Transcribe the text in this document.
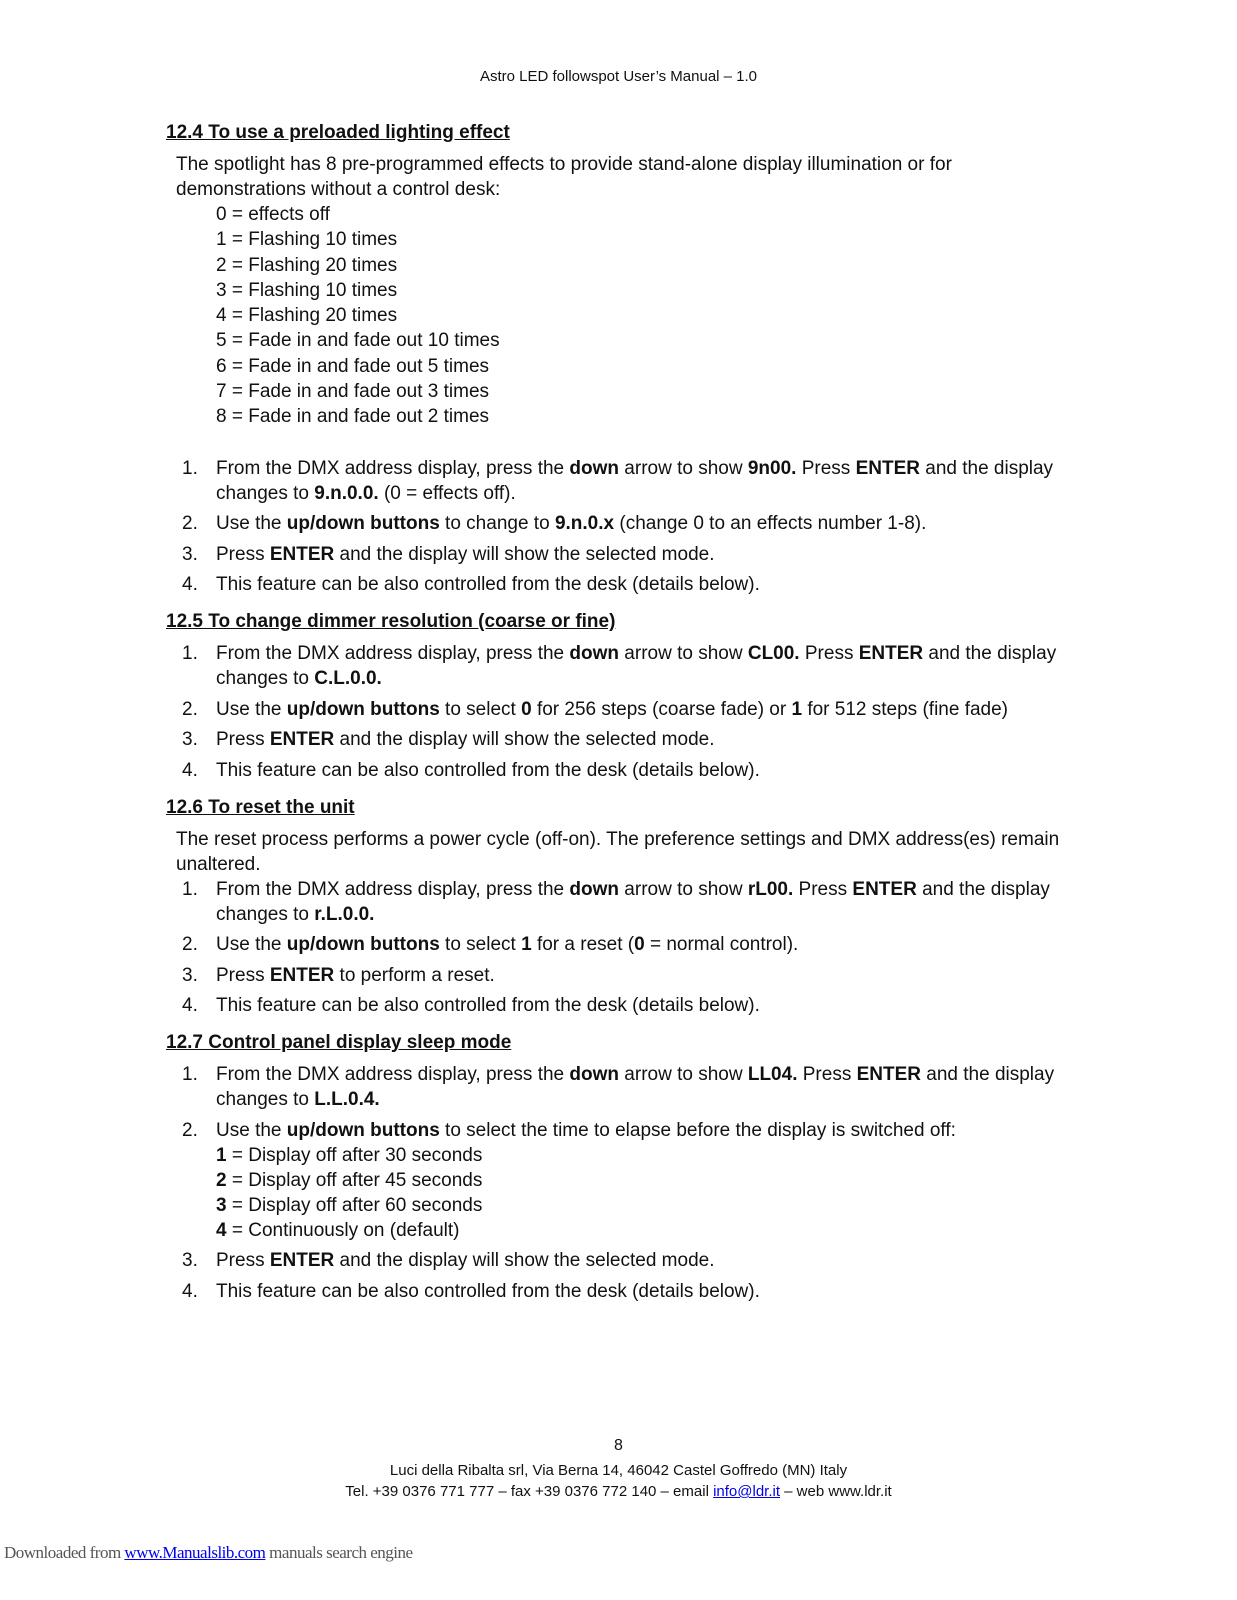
Astro LED followspot User’s Manual – 1.0
12.4 To use a preloaded lighting effect

The spotlight has 8 pre-programmed effects to provide stand-alone display illumination or for demonstrations without a control desk:

0 = effects off
1 = Flashing 10 times
2 = Flashing 20 times
3 = Flashing 10 times
4 = Flashing 20 times
5 = Fade in and fade out 10 times
6 = Fade in and fade out 5 times
7 = Fade in and fade out 3 times
8 = Fade in and fade out 2 times
1. From the DMX address display, press the down arrow to show 9n00. Press ENTER and the display changes to 9.n.0.0. (0 = effects off).
2. Use the up/down buttons to change to 9.n.0.x (change 0 to an effects number 1-8).
3. Press ENTER and the display will show the selected mode.
4. This feature can be also controlled from the desk (details below).
12.5 To change dimmer resolution (coarse or fine)
1. From the DMX address display, press the down arrow to show CL00. Press ENTER and the display changes to C.L.0.0.
2. Use the up/down buttons to select 0 for 256 steps (coarse fade) or 1 for 512 steps (fine fade)
3. Press ENTER and the display will show the selected mode.
4. This feature can be also controlled from the desk (details below).
12.6 To reset the unit

The reset process performs a power cycle (off-on). The preference settings and DMX address(es) remain unaltered.

1. From the DMX address display, press the down arrow to show rL00. Press ENTER and the display changes to r.L.0.0.
2. Use the up/down buttons to select 1 for a reset (0 = normal control).
3. Press ENTER to perform a reset.
4. This feature can be also controlled from the desk (details below).
12.7 Control panel display sleep mode
1. From the DMX address display, press the down arrow to show LL04. Press ENTER and the display changes to L.L.0.4.
2. Use the up/down buttons to select the time to elapse before the display is switched off:
1 = Display off after 30 seconds
2 = Display off after 45 seconds
3 = Display off after 60 seconds
4 = Continuously on (default)
3. Press ENTER and the display will show the selected mode.
4. This feature can be also controlled from the desk (details below).
8
Luci della Ribalta srl, Via Berna 14, 46042 Castel Goffredo (MN) Italy
Tel. +39 0376 771 777 – fax +39 0376 772 140 – email info@ldr.it – web www.ldr.it
Downloaded from www.Manualslib.com manuals search engine
